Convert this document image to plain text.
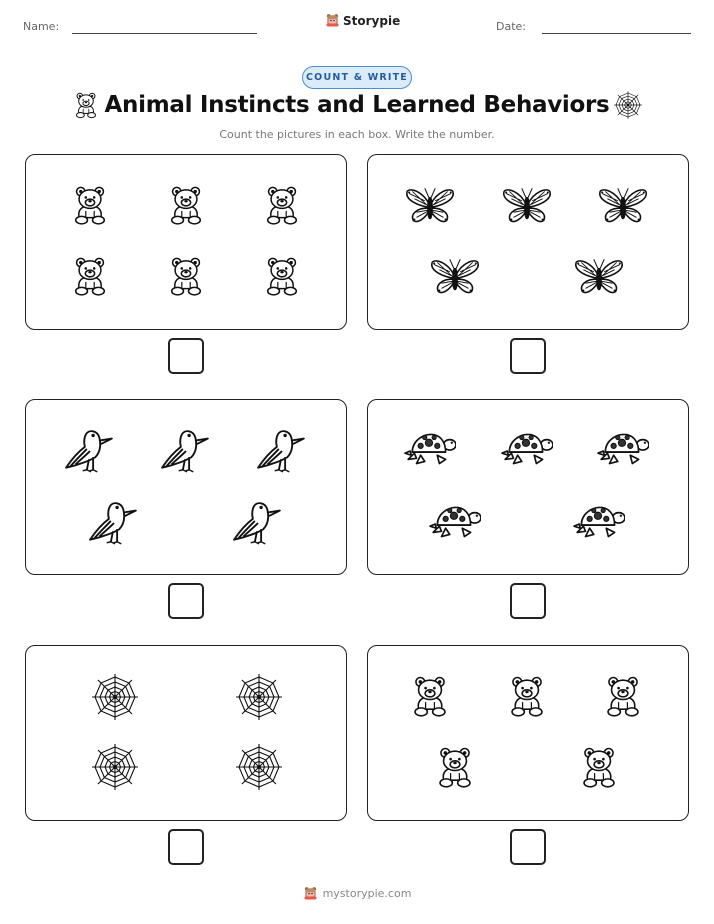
Name:	Date:
Storypie
COUNT & WRITE
Animal Instincts and Learned Behaviors
Count the pictures in each box. Write the number.
mystorypie.com
